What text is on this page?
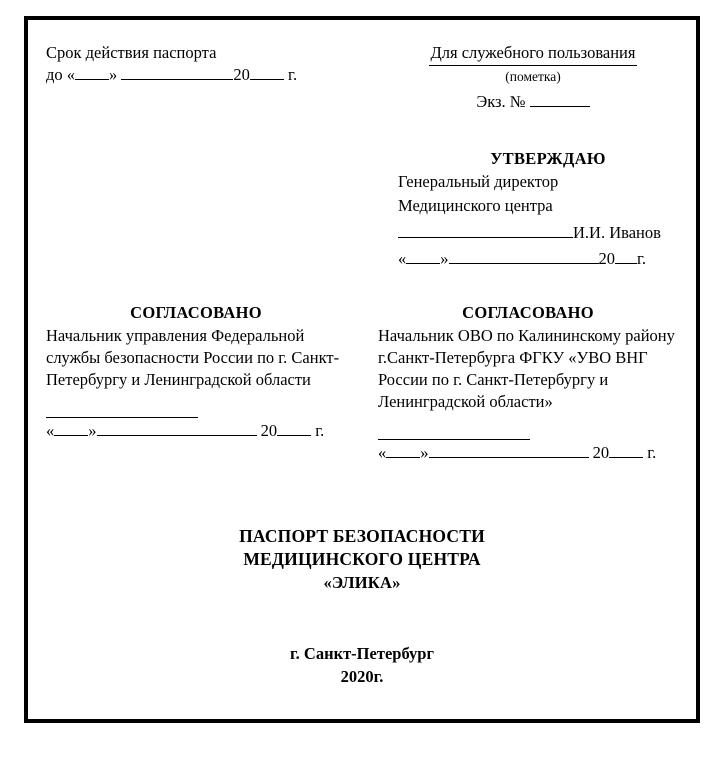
Срок действия паспорта
до « »	20 г.
Для служебного пользования
(пометка)
Экз. №
УТВЕРЖДАЮ
Генеральный директор
Медицинского центра
И.И. Иванов
« »	20 г.
СОГЛАСОВАНО
Начальник управления Федеральной службы безопасности России по г. Санкт-Петербургу и Ленинградской области
« »	20 г.
СОГЛАСОВАНО
Начальник ОВО по Калининскому району г.Санкт-Петербурга ФГКУ «УВО ВНГ России по г. Санкт-Петербургу и Ленинградской области»
« »	20 г.
ПАСПОРТ БЕЗОПАСНОСТИ
МЕДИЦИНСКОГО ЦЕНТРА
«ЭЛИКА»
г. Санкт-Петербург
2020г.
